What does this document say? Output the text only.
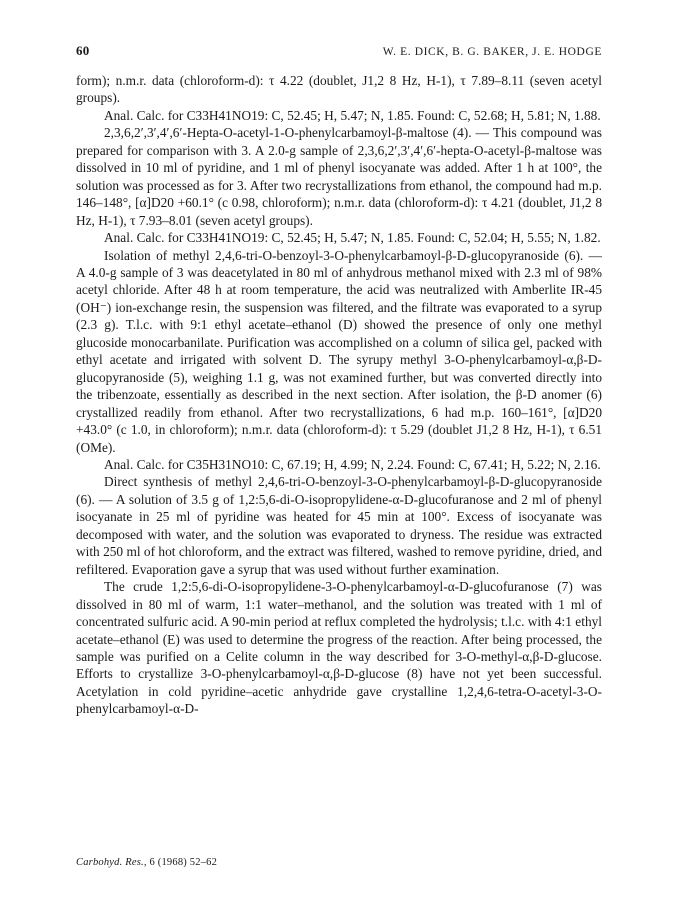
60	W. E. DICK, B. G. BAKER, J. E. HODGE

form); n.m.r. data (chloroform-d): τ 4.22 (doublet, J1,2 8 Hz, H-1), τ 7.89–8.11 (seven acetyl groups).

Anal. Calc. for C33H41NO19: C, 52.45; H, 5.47; N, 1.85. Found: C, 52.68; H, 5.81; N, 1.88.

2,3,6,2′,3′,4′,6′-Hepta-O-acetyl-1-O-phenylcarbamoyl-β-maltose (4). — This compound was prepared for comparison with 3. A 2.0-g sample of 2,3,6,2′,3′,4′,6′-hepta-O-acetyl-β-maltose was dissolved in 10 ml of pyridine, and 1 ml of phenyl isocyanate was added. After 1 h at 100°, the solution was processed as for 3. After two recrystallizations from ethanol, the compound had m.p. 146–148°, [α]D20 +60.1° (c 0.98, chloroform); n.m.r. data (chloroform-d): τ 4.21 (doublet, J1,2 8 Hz, H-1), τ 7.93–8.01 (seven acetyl groups).

Anal. Calc. for C33H41NO19: C, 52.45; H, 5.47; N, 1.85. Found: C, 52.04; H, 5.55; N, 1.82.

Isolation of methyl 2,4,6-tri-O-benzoyl-3-O-phenylcarbamoyl-β-D-glucopyranoside (6). — A 4.0-g sample of 3 was deacetylated in 80 ml of anhydrous methanol mixed with 2.3 ml of 98% acetyl chloride. After 48 h at room temperature, the acid was neutralized with Amberlite IR-45 (OH⁻) ion-exchange resin, the suspension was filtered, and the filtrate was evaporated to a syrup (2.3 g). T.l.c. with 9:1 ethyl acetate–ethanol (D) showed the presence of only one methyl glucoside monocarbanilate. Purification was accomplished on a column of silica gel, packed with ethyl acetate and irrigated with solvent D. The syrupy methyl 3-O-phenylcarbamoyl-α,β-D-glucopyranoside (5), weighing 1.1 g, was not examined further, but was converted directly into the tribenzoate, essentially as described in the next section. After isolation, the β-D anomer (6) crystallized readily from ethanol. After two recrystallizations, 6 had m.p. 160–161°, [α]D20 +43.0° (c 1.0, in chloroform); n.m.r. data (chloroform-d): τ 5.29 (doublet J1,2 8 Hz, H-1), τ 6.51 (OMe).

Anal. Calc. for C35H31NO10: C, 67.19; H, 4.99; N, 2.24. Found: C, 67.41; H, 5.22; N, 2.16.

Direct synthesis of methyl 2,4,6-tri-O-benzoyl-3-O-phenylcarbamoyl-β-D-glucopyranoside (6). — A solution of 3.5 g of 1,2:5,6-di-O-isopropylidene-α-D-glucofuranose and 2 ml of phenyl isocyanate in 25 ml of pyridine was heated for 45 min at 100°. Excess of isocyanate was decomposed with water, and the solution was evaporated to dryness. The residue was extracted with 250 ml of hot chloroform, and the extract was filtered, washed to remove pyridine, dried, and refiltered. Evaporation gave a syrup that was used without further examination.

The crude 1,2:5,6-di-O-isopropylidene-3-O-phenylcarbamoyl-α-D-glucofuranose (7) was dissolved in 80 ml of warm, 1:1 water–methanol, and the solution was treated with 1 ml of concentrated sulfuric acid. A 90-min period at reflux completed the hydrolysis; t.l.c. with 4:1 ethyl acetate–ethanol (E) was used to determine the progress of the reaction. After being processed, the sample was purified on a Celite column in the way described for 3-O-methyl-α,β-D-glucose. Efforts to crystallize 3-O-phenylcarbamoyl-α,β-D-glucose (8) have not yet been successful. Acetylation in cold pyridine–acetic anhydride gave crystalline 1,2,4,6-tetra-O-acetyl-3-O-phenylcarbamoyl-α-D-

Carbohyd. Res., 6 (1968) 52–62
